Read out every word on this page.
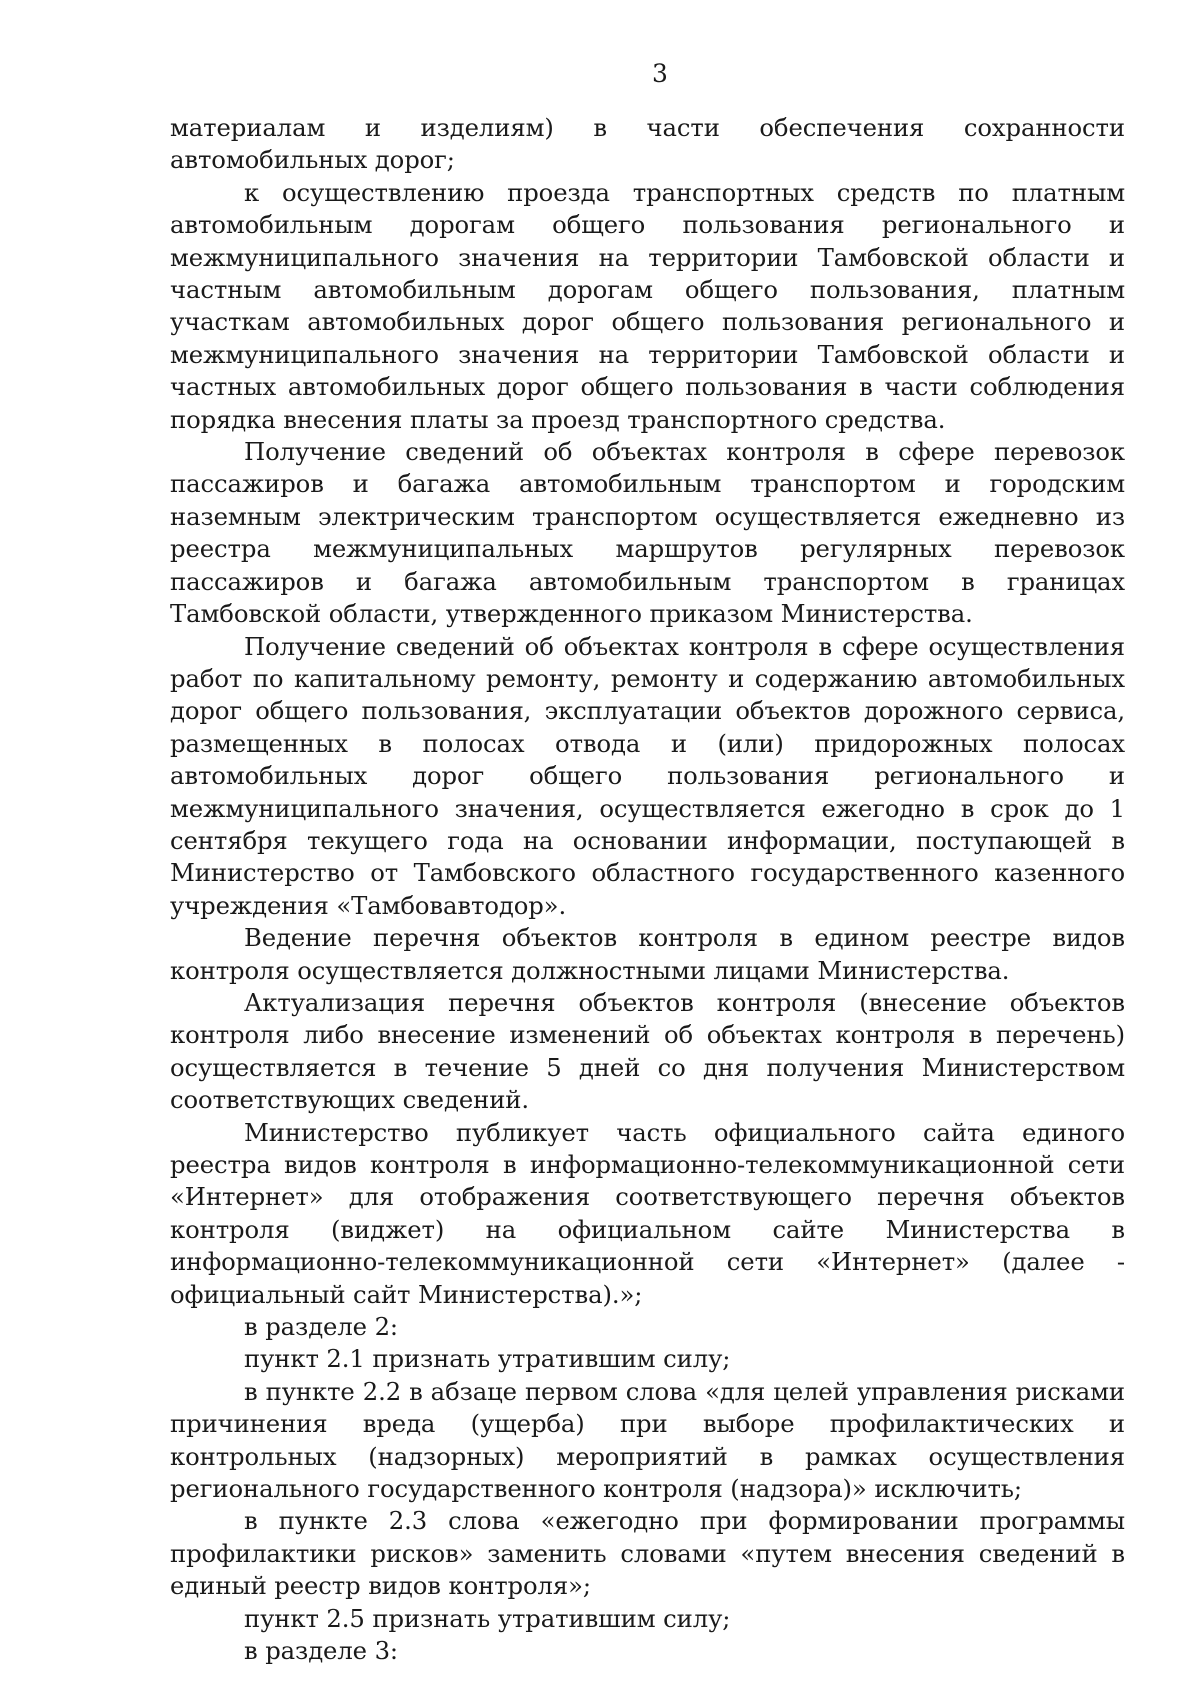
3

материалам и изделиям) в части обеспечения сохранности автомобильных дорог;

к осуществлению проезда транспортных средств по платным автомобильным дорогам общего пользования регионального и межмуниципального значения на территории Тамбовской области и частным автомобильным дорогам общего пользования, платным участкам автомобильных дорог общего пользования регионального и межмуниципального значения на территории Тамбовской области и частных автомобильных дорог общего пользования в части соблюдения порядка внесения платы за проезд транспортного средства.

Получение сведений об объектах контроля в сфере перевозок пассажиров и багажа автомобильным транспортом и городским наземным электрическим транспортом осуществляется ежедневно из реестра межмуниципальных маршрутов регулярных перевозок пассажиров и багажа автомобильным транспортом в границах Тамбовской области, утвержденного приказом Министерства.

Получение сведений об объектах контроля в сфере осуществления работ по капитальному ремонту, ремонту и содержанию автомобильных дорог общего пользования, эксплуатации объектов дорожного сервиса, размещенных в полосах отвода и (или) придорожных полосах автомобильных дорог общего пользования регионального и межмуниципального значения, осуществляется ежегодно в срок до 1 сентября текущего года на основании информации, поступающей в Министерство от Тамбовского областного государственного казенного учреждения «Тамбовавтодор».

Ведение перечня объектов контроля в едином реестре видов контроля осуществляется должностными лицами Министерства.

Актуализация перечня объектов контроля (внесение объектов контроля либо внесение изменений об объектах контроля в перечень) осуществляется в течение 5 дней со дня получения Министерством соответствующих сведений.

Министерство публикует часть официального сайта единого реестра видов контроля в информационно-телекоммуникационной сети «Интернет» для отображения соответствующего перечня объектов контроля (виджет) на официальном сайте Министерства в информационно-телекоммуникационной сети «Интернет» (далее - официальный сайт Министерства).»;

в разделе 2:

пункт 2.1 признать утратившим силу;

в пункте 2.2 в абзаце первом слова «для целей управления рисками причинения вреда (ущерба) при выборе профилактических и контрольных (надзорных) мероприятий в рамках осуществления регионального государственного контроля (надзора)» исключить;

в пункте 2.3 слова «ежегодно при формировании программы профилактики рисков» заменить словами «путем внесения сведений в единый реестр видов контроля»;

пункт 2.5 признать утратившим силу;

в разделе 3:
